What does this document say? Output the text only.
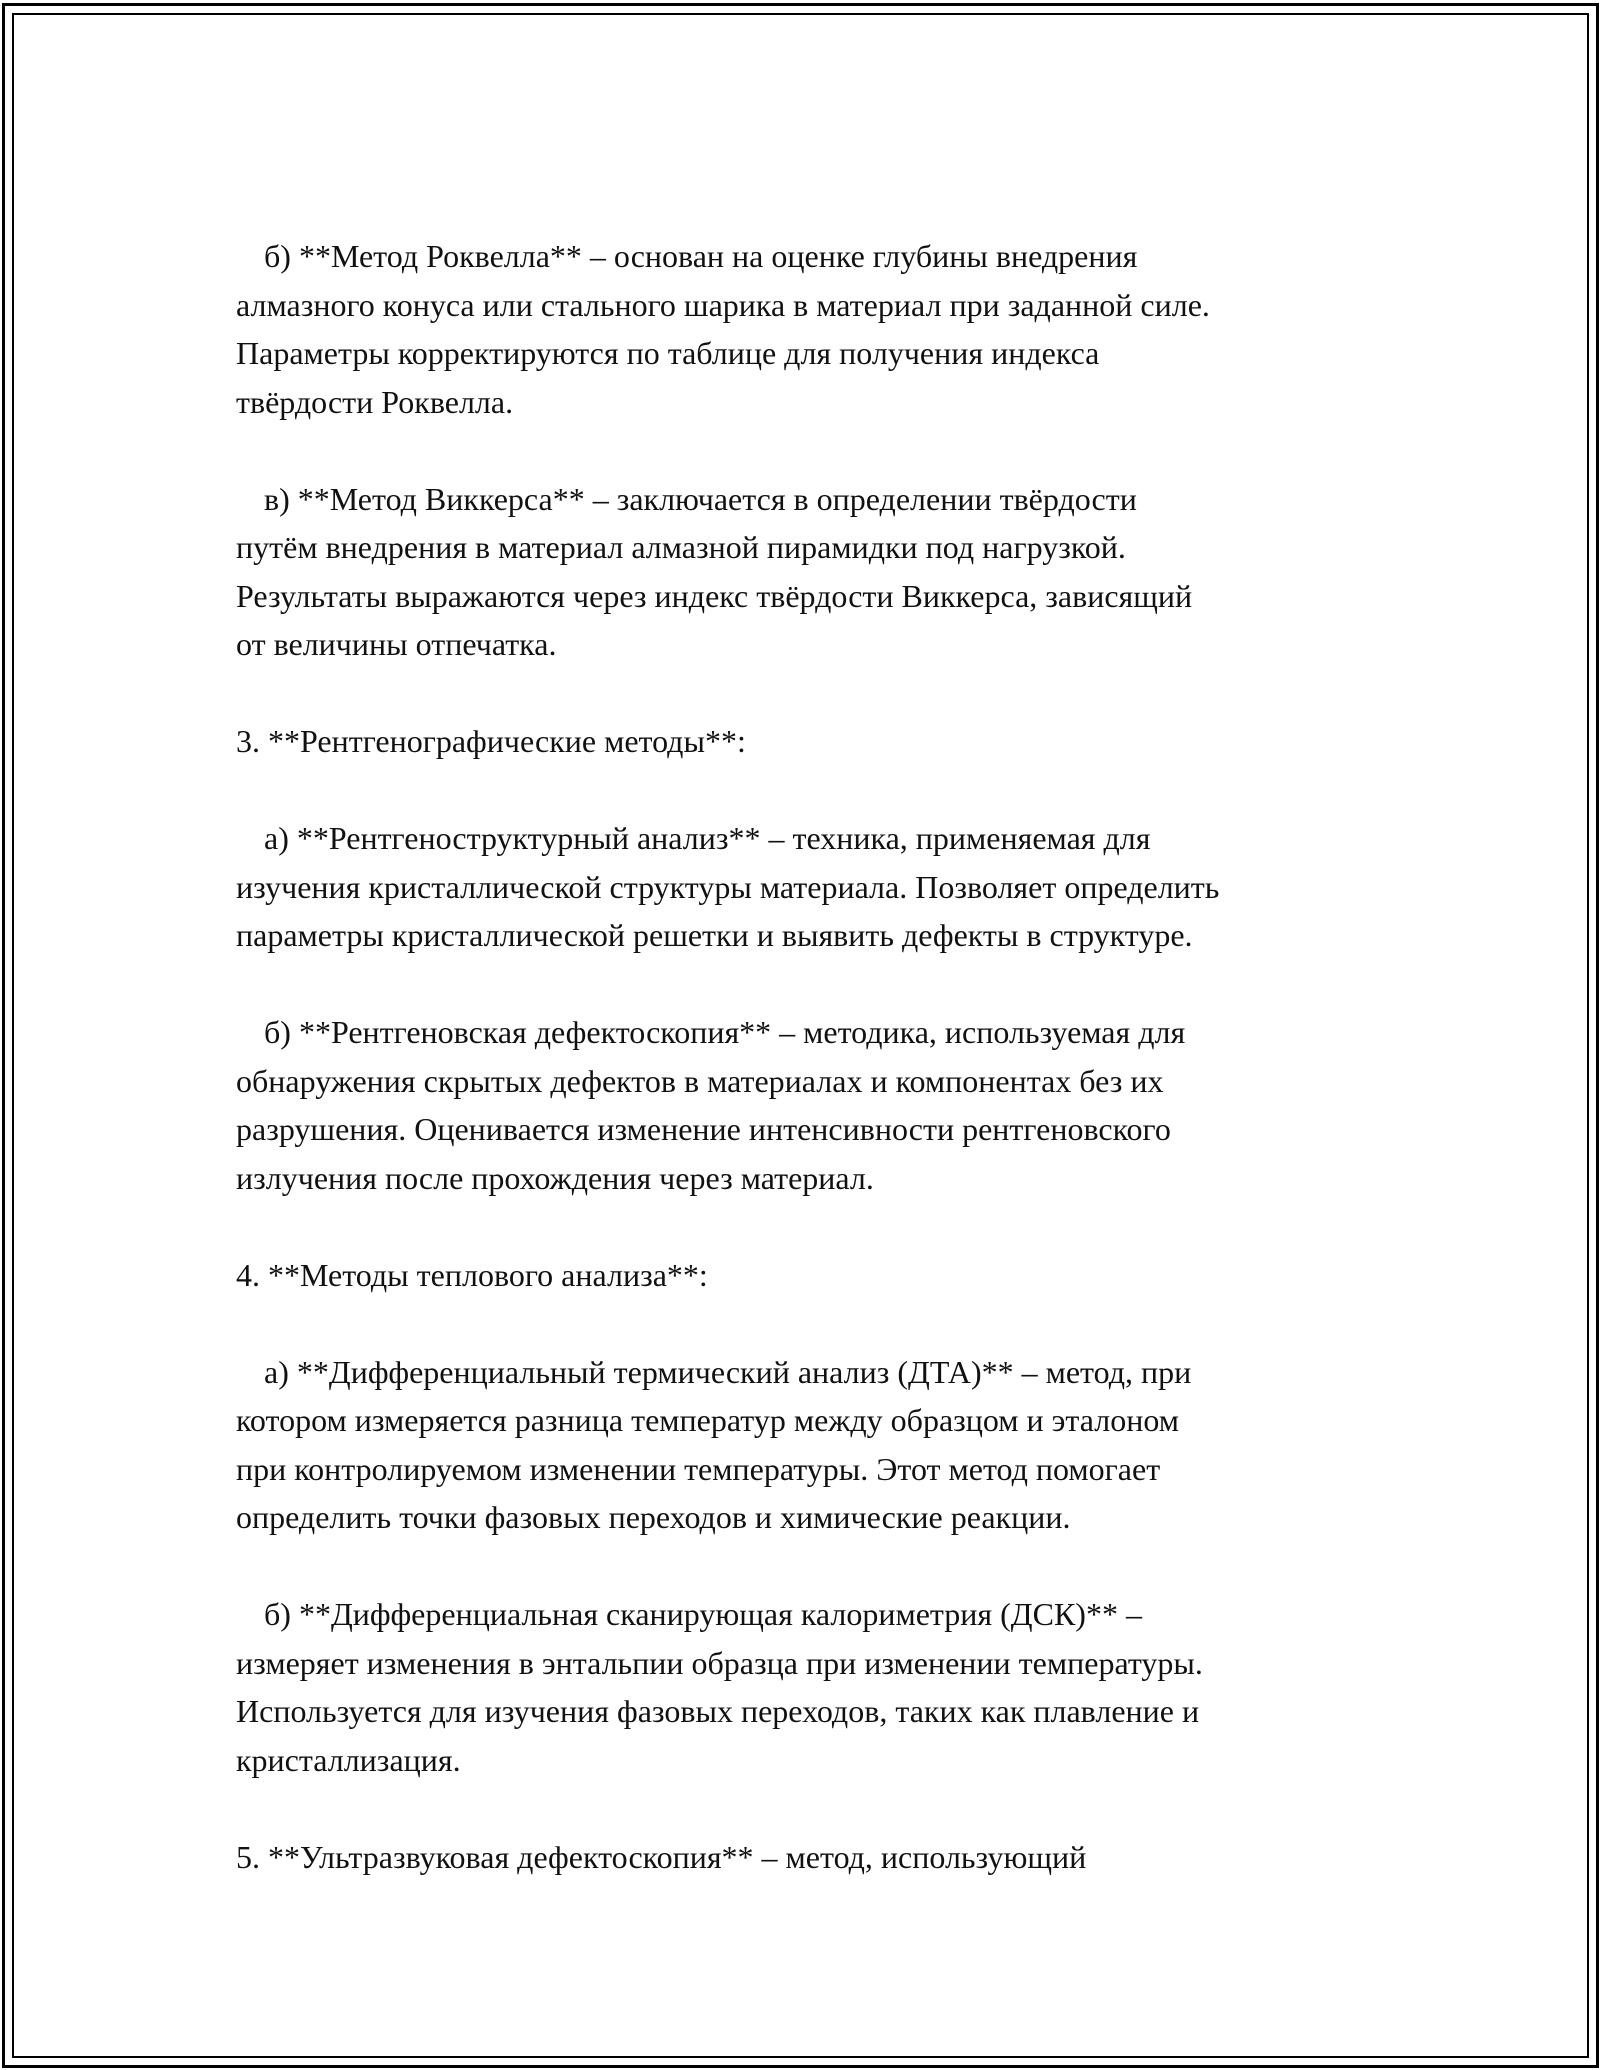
б) **Метод Роквелла** – основан на оценке глубины внедрения
алмазного конуса или стального шарика в материал при заданной силе.
Параметры корректируются по таблице для получения индекса
твёрдости Роквелла.

в) **Метод Виккерса** – заключается в определении твёрдости
путём внедрения в материал алмазной пирамидки под нагрузкой.
Результаты выражаются через индекс твёрдости Виккерса, зависящий
от величины отпечатка.

3. **Рентгенографические методы**:

а) **Рентгеноструктурный анализ** – техника, применяемая для
изучения кристаллической структуры материала. Позволяет определить
параметры кристаллической решетки и выявить дефекты в структуре.

б) **Рентгеновская дефектоскопия** – методика, используемая для
обнаружения скрытых дефектов в материалах и компонентах без их
разрушения. Оценивается изменение интенсивности рентгеновского
излучения после прохождения через материал.

4. **Методы теплового анализа**:

а) **Дифференциальный термический анализ (ДТА)** – метод, при
котором измеряется разница температур между образцом и эталоном
при контролируемом изменении температуры. Этот метод помогает
определить точки фазовых переходов и химические реакции.

б) **Дифференциальная сканирующая калориметрия (ДСК)** –
измеряет изменения в энтальпии образца при изменении температуры.
Используется для изучения фазовых переходов, таких как плавление и
кристаллизация.

5. **Ультразвуковая дефектоскопия** – метод, использующий
